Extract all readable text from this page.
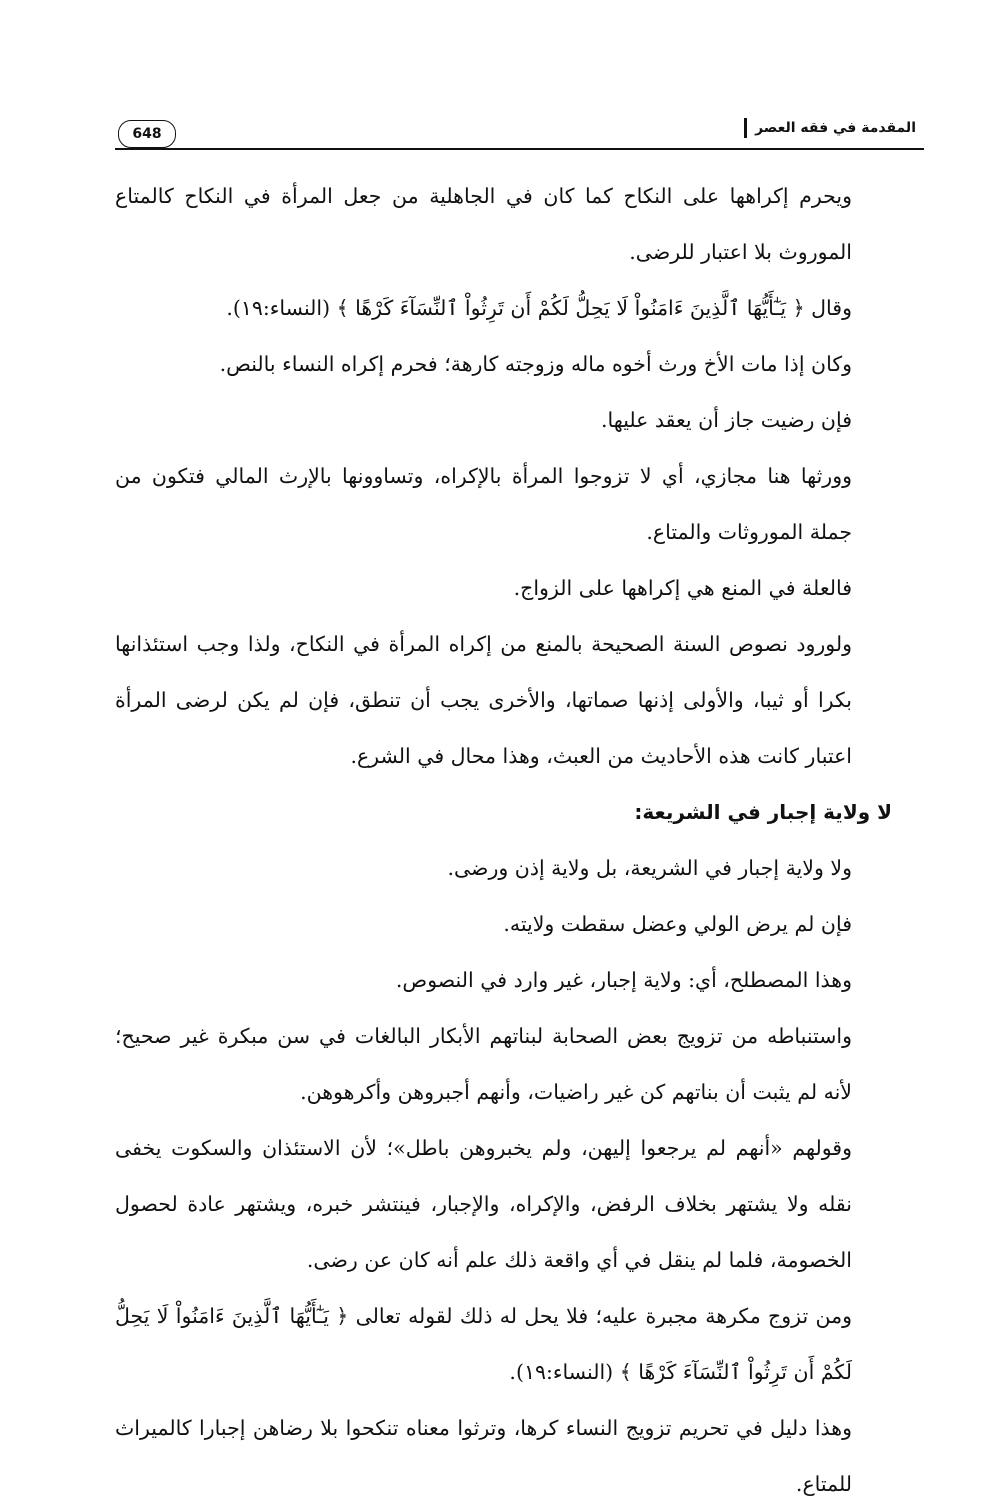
المقدمة في فقه العصر
648

ويحرم إكراهها على النكاح كما كان في الجاهلية من جعل المرأة في النكاح كالمتاع الموروث بلا اعتبار للرضى.

وقال ﴿ يَـٰٓأَيُّهَا ٱلَّذِينَ ءَامَنُواْ لَا يَحِلُّ لَكُمْ أَن تَرِثُواْ ٱلنِّسَآءَ كَرْهًا ﴾ (النساء:١٩).

وكان إذا مات الأخ ورث أخوه ماله وزوجته كارهة؛ فحرم إكراه النساء بالنص.

فإن رضيت جاز أن يعقد عليها.

وورثها هنا مجازي، أي لا تزوجوا المرأة بالإكراه، وتساوونها بالإرث المالي فتكون من جملة الموروثات والمتاع.

فالعلة في المنع هي إكراهها على الزواج.

ولورود نصوص السنة الصحيحة بالمنع من إكراه المرأة في النكاح، ولذا وجب استئذانها بكرا أو ثيبا، والأولى إذنها صماتها، والأخرى يجب أن تنطق، فإن لم يكن لرضى المرأة اعتبار كانت هذه الأحاديث من العبث، وهذا محال في الشرع.

لا ولاية إجبار في الشريعة:

ولا ولاية إجبار في الشريعة، بل ولاية إذن ورضى.

فإن لم يرض الولي وعضل سقطت ولايته.

وهذا المصطلح، أي: ولاية إجبار، غير وارد في النصوص.

واستنباطه من تزويج بعض الصحابة لبناتهم الأبكار البالغات في سن مبكرة غير صحيح؛ لأنه لم يثبت أن بناتهم كن غير راضيات، وأنهم أجبروهن وأكرهوهن.

وقولهم «أنهم لم يرجعوا إليهن، ولم يخبروهن باطل»؛ لأن الاستئذان والسكوت يخفى نقله ولا يشتهر بخلاف الرفض، والإكراه، والإجبار، فينتشر خبره، ويشتهر عادة لحصول الخصومة، فلما لم ينقل في أي واقعة ذلك علم أنه كان عن رضى.

ومن تزوج مكرهة مجبرة عليه؛ فلا يحل له ذلك لقوله تعالى ﴿ يَـٰٓأَيُّهَا ٱلَّذِينَ ءَامَنُواْ لَا يَحِلُّ لَكُمْ أَن تَرِثُواْ ٱلنِّسَآءَ كَرْهًا ﴾ (النساء:١٩).

وهذا دليل في تحريم تزويج النساء كرها، وترثوا معناه تنكحوا بلا رضاهن إجبارا كالميراث للمتاع.
